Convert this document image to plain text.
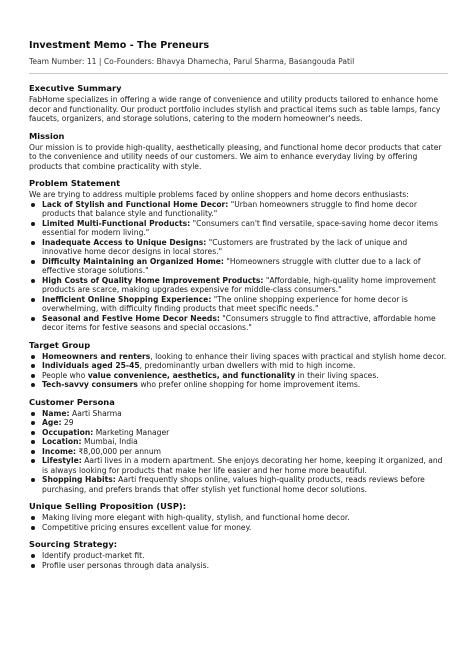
Investment Memo - The Preneurs
Team Number: 11 | Co-Founders: Bhavya Dhamecha, Parul Sharma, Basangouda Patil
Executive Summary

FabHome specializes in offering a wide range of convenience and utility products tailored to enhance home decor and functionality. Our product portfolio includes stylish and practical items such as table lamps, fancy faucets, organizers, and storage solutions, catering to the modern homeowner's needs.

Mission

Our mission is to provide high-quality, aesthetically pleasing, and functional home decor products that cater to the convenience and utility needs of our customers. We aim to enhance everyday living by offering products that combine practicality with style.

Problem Statement

We are trying to address multiple problems faced by online shoppers and home decors enthusiasts:

Lack of Stylish and Functional Home Decor: "Urban homeowners struggle to find home decor products that balance style and functionality."
Limited Multi-Functional Products: "Consumers can't find versatile, space-saving home decor items essential for modern living."
Inadequate Access to Unique Designs: "Customers are frustrated by the lack of unique and innovative home decor designs in local stores."
Difficulty Maintaining an Organized Home: "Homeowners struggle with clutter due to a lack of effective storage solutions."
High Costs of Quality Home Improvement Products: "Affordable, high-quality home improvement products are scarce, making upgrades expensive for middle-class consumers."
Inefficient Online Shopping Experience: "The online shopping experience for home decor is overwhelming, with difficulty finding products that meet specific needs."
Seasonal and Festive Home Decor Needs: "Consumers struggle to find attractive, affordable home decor items for festive seasons and special occasions."
Target Group
Homeowners and renters, looking to enhance their living spaces with practical and stylish home decor.
Individuals aged 25-45, predominantly urban dwellers with mid to high income.
People who value convenience, aesthetics, and functionality in their living spaces.
Tech-savvy consumers who prefer online shopping for home improvement items.
Customer Persona
Name: Aarti Sharma
Age: 29
Occupation: Marketing Manager
Location: Mumbai, India
Income: ₹8,00,000 per annum
Lifestyle: Aarti lives in a modern apartment. She enjoys decorating her home, keeping it organized, and is always looking for products that make her life easier and her home more beautiful.
Shopping Habits: Aarti frequently shops online, values high-quality products, reads reviews before purchasing, and prefers brands that offer stylish yet functional home decor solutions.
Unique Selling Proposition (USP):
Making living more elegant with high-quality, stylish, and functional home decor.
Competitive pricing ensures excellent value for money.
Sourcing Strategy:
Identify product-market fit.
Profile user personas through data analysis.
